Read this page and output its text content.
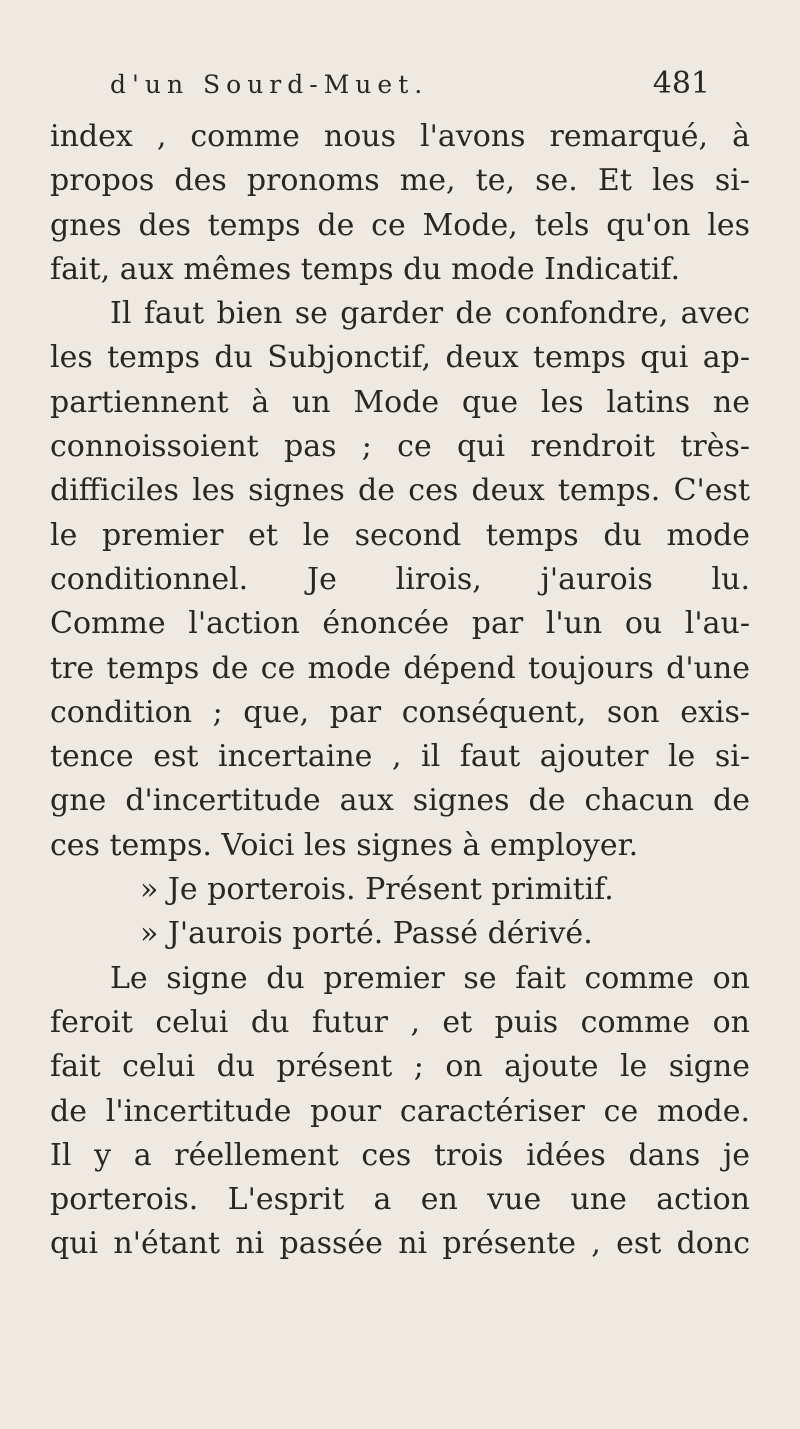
d'un Sourd-Muet.	481
index , comme nous l'avons remarqué, à
propos des pronoms me, te, se. Et les si-
gnes des temps de ce Mode, tels qu'on les
fait, aux mêmes temps du mode Indicatif.
Il faut bien se garder de confondre, avec
les temps du Subjonctif, deux temps qui ap-
partiennent à un Mode que les latins ne
connoissoient pas ; ce qui rendroit très-
difficiles les signes de ces deux temps. C'est
le premier et le second temps du mode
conditionnel. Je lirois, j'aurois lu.
Comme l'action énoncée par l'un ou l'au-
tre temps de ce mode dépend toujours d'une
condition ; que, par conséquent, son exis-
tence est incertaine , il faut ajouter le si-
gne d'incertitude aux signes de chacun de
ces temps. Voici les signes à employer.
» Je porterois. Présent primitif.
» J'aurois porté. Passé dérivé.
Le signe du premier se fait comme on
feroit celui du futur , et puis comme on
fait celui du présent ; on ajoute le signe
de l'incertitude pour caractériser ce mode.
Il y a réellement ces trois idées dans je
porterois. L'esprit a en vue une action
qui n'étant ni passée ni présente , est donc
